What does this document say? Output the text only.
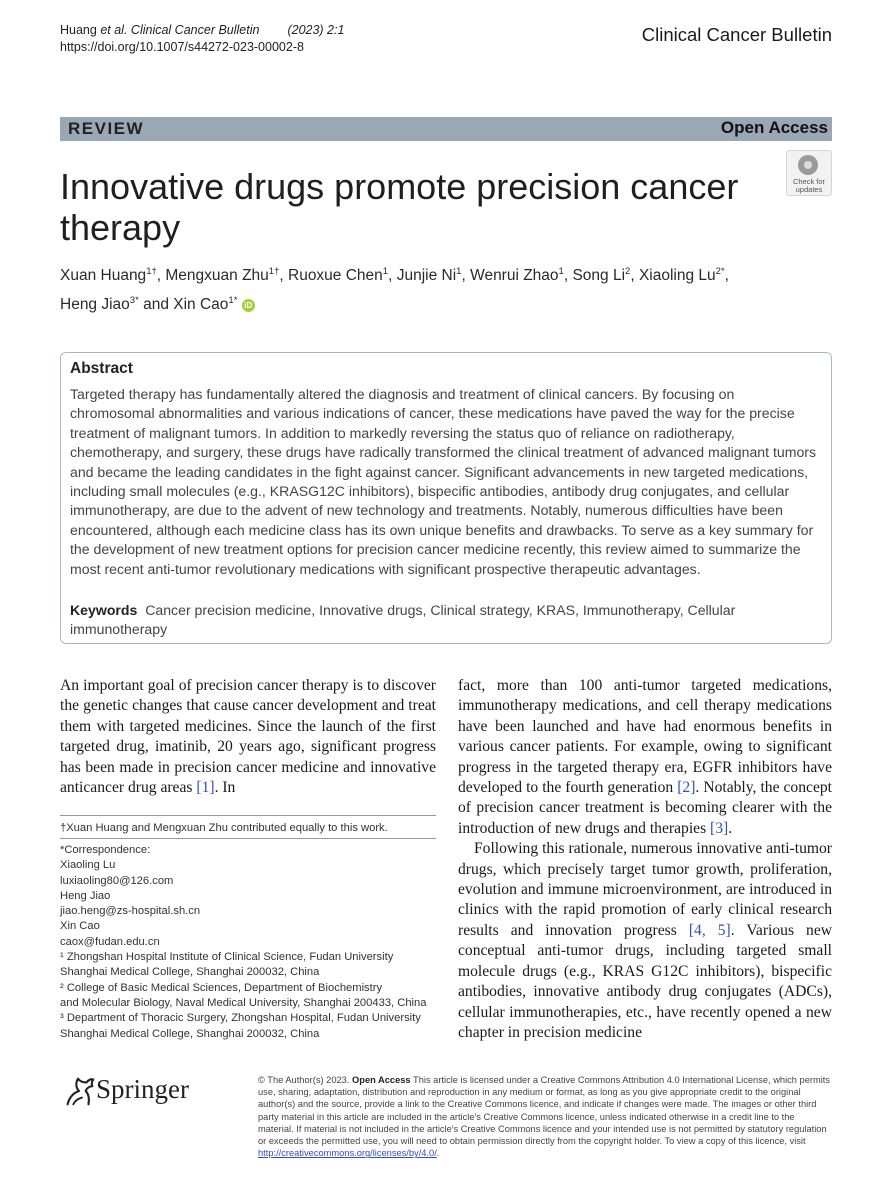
Huang et al. Clinical Cancer Bulletin (2023) 2:1
https://doi.org/10.1007/s44272-023-00002-8
Clinical Cancer Bulletin
REVIEW	Open Access
Innovative drugs promote precision cancer therapy
Check for
updates
Xuan Huang$^{1\dagger}$, Mengxuan Zhu$^{1\dagger}$, Ruoxue Chen$^1$, Junjie Ni$^1$, Wenrui Zhao$^1$, Song Li$^2$, Xiaoling $Lu^{2*}$,
Heng Jiao$^{3*}$ and Xin Cao$^{1*}$ iD
Abstract
Targeted therapy has fundamentally altered the diagnosis and treatment of clinical cancers. By focusing on chromosomal abnormalities and various indications of cancer, these medications have paved the way for the precise treatment of malignant tumors. In addition to markedly reversing the status quo of reliance on radiotherapy, chemotherapy, and surgery, these drugs have radically transformed the clinical treatment of advanced malignant tumors and became the leading candidates in the fight against cancer. Significant advancements in new targeted medications, including small molecules (e.g., KRASG12C inhibitors), bispecific antibodies, antibody drug conjugates, and cellular immunotherapy, are due to the advent of new technology and treatments. Notably, numerous difficulties have been encountered, although each medicine class has its own unique benefits and drawbacks. To serve as a key summary for the development of new treatment options for precision cancer medicine recently, this review aimed to summarize the most recent anti-tumor revolutionary medications with significant prospective therapeutic advantages.
Keywords Cancer precision medicine, Innovative drugs, Clinical strategy, KRAS, Immunotherapy, Cellular immunotherapy
An important goal of precision cancer therapy is to discover the genetic changes that cause cancer development and treat them with targeted medicines. Since the launch of the first targeted drug, imatinib, 20 years ago, significant progress has been made in precision cancer medicine and innovative anticancer drug areas [1]. In

fact, more than 100 anti-tumor targeted medications, immunotherapy medications, and cell therapy medications have been launched and have had enormous benefits in various cancer patients. For example, owing to significant progress in the targeted therapy era, EGFR inhibitors have developed to the fourth generation [2]. Notably, the concept of precision cancer treatment is becoming clearer with the introduction of new drugs and therapies [3].

Following this rationale, numerous innovative anti-tumor drugs, which precisely target tumor growth, proliferation, evolution and immune microenvironment, are introduced in clinics with the rapid promotion of early clinical research results and innovation progress [4, 5]. Various new conceptual anti-tumor drugs, including targeted small molecule drugs (e.g., KRAS G12C inhibitors), bispecific antibodies, innovative antibody drug conjugates (ADCs), cellular immunotherapies, etc., have recently opened a new chapter in precision medicine

†Xuan Huang and Mengxuan Zhu contributed equally to this work.
*Correspondence:
Xiaoling Lu
luxiaoling80@126.com
Heng Jiao
jiao.heng@zs-hospital.sh.cn
Xin Cao
caox@fudan.edu.cn
¹ Zhongshan Hospital Institute of Clinical Science, Fudan University
Shanghai Medical College, Shanghai 200032, China
² College of Basic Medical Sciences, Department of Biochemistry
and Molecular Biology, Naval Medical University, Shanghai 200433, China
³ Department of Thoracic Surgery, Zhongshan Hospital, Fudan University
Shanghai Medical College, Shanghai 200032, China
Springer	© The Author(s) 2023. Open Access This article is licensed under a Creative Commons Attribution 4.0 International License, which permits use, sharing, adaptation, distribution and reproduction in any medium or format, as long as you give appropriate credit to the original author(s) and the source, provide a link to the Creative Commons licence, and indicate if changes were made. The images or other third party material in this article are included in the article's Creative Commons licence, unless indicated otherwise in a credit line to the material. If material is not included in the article's Creative Commons licence and your intended use is not permitted by statutory regulation or exceeds the permitted use, you will need to obtain permission directly from the copyright holder. To view a copy of this licence, visit http://creativecommons.org/licenses/by/4.0/.
